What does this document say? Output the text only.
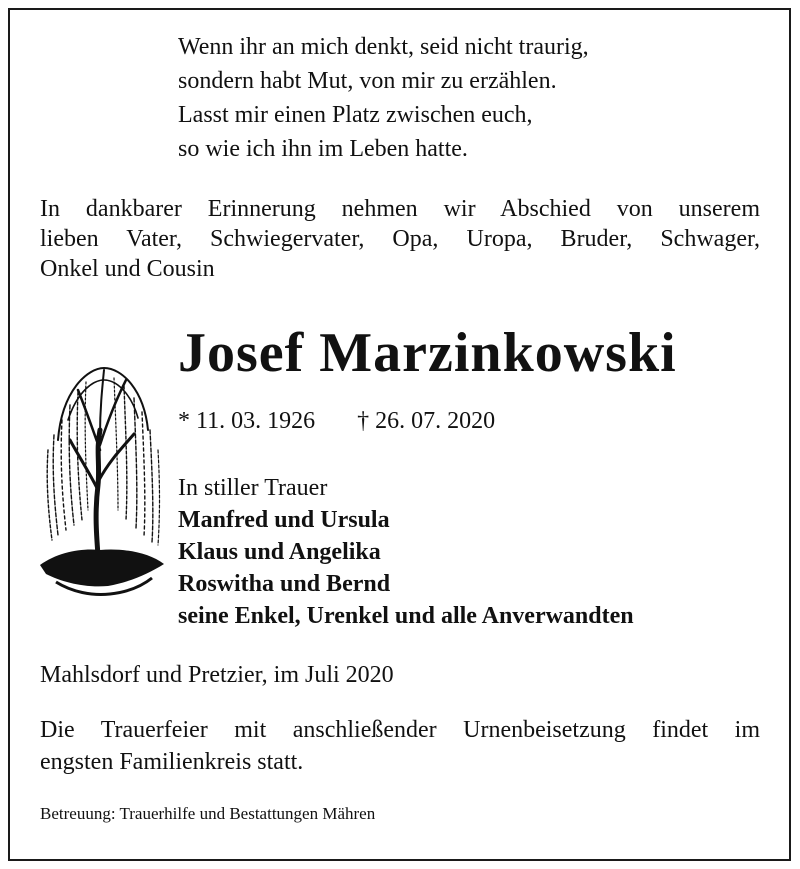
Wenn ihr an mich denkt, seid nicht traurig,
sondern habt Mut, von mir zu erzählen.
Lasst mir einen Platz zwischen euch,
so wie ich ihn im Leben hatte.
In dankbarer Erinnerung nehmen wir Abschied von unserem
lieben Vater, Schwiegervater, Opa, Uropa, Bruder, Schwager,
Onkel und Cousin
Josef Marzinkowski
* 11. 03. 1926 † 26. 07. 2020
In stiller Trauer
Manfred und Ursula
Klaus und Angelika
Roswitha und Bernd
seine Enkel, Urenkel und alle Anverwandten
Mahlsdorf und Pretzier, im Juli 2020
Die Trauerfeier mit anschließender Urnenbeisetzung findet im
engsten Familienkreis statt.
Betreuung: Trauerhilfe und Bestattungen Mähren
